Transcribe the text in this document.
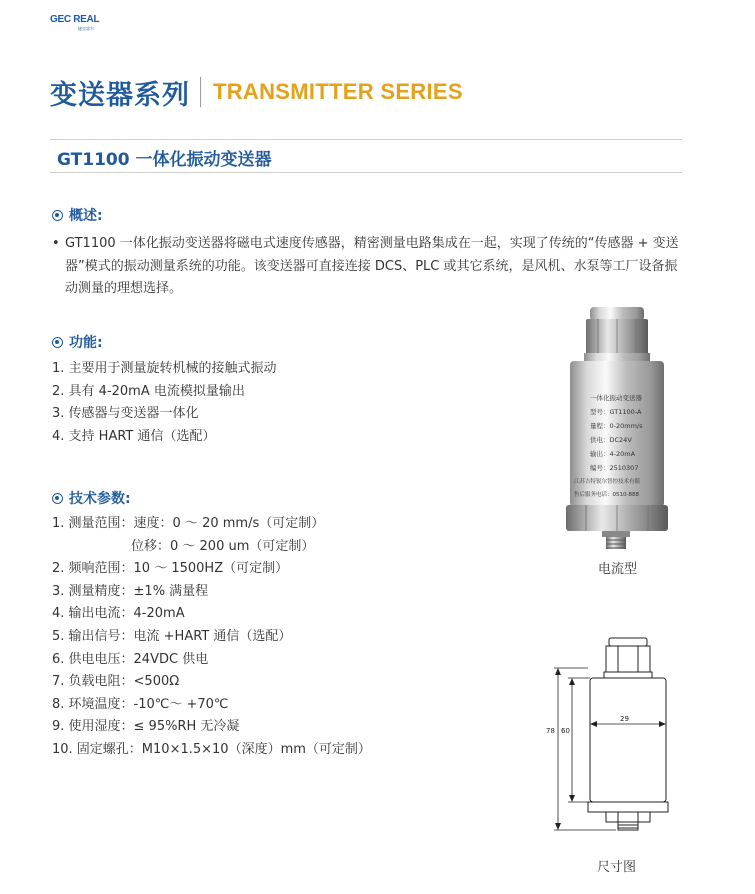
GEC REAL
捷克睿尔
变送器系列 TRANSMITTER SERIES
GT1100 一体化振动变送器
概述:
• GT1100 一体化振动变送器将磁电式速度传感器，精密测量电路集成在一起，实现了传统的“传感器 + 变送器”模式的振动测量系统的功能。该变送器可直接连接 DCS、PLC 或其它系统，是风机、水泵等工厂设备振动测量的理想选择。
功能:
1. 主要用于测量旋转机械的接触式振动
2. 具有 4-20mA 电流模拟量输出
3. 传感器与变送器一体化
4. 支持 HART 通信（选配）
技术参数:
1. 测量范围：速度：0 ～ 20 mm/s（可定制）
位移：0 ～ 200 um（可定制）
2. 频响范围：10 ～ 1500HZ（可定制）
3. 测量精度：±1% 满量程
4. 输出电流：4-20mA
5. 输出信号：电流 +HART 通信（选配）
6. 供电电压：24VDC 供电
7. 负载电阻：<500Ω
8. 环境温度：-10℃～ +70℃
9. 使用湿度：≤ 95%RH 无冷凝
10. 固定螺孔：M10×1.5×10（深度）mm（可定制）
一体化振动变送器
型号：GT1100-A
量程：0-20mm/s
供电：DC24V
输出：4-20mA
编号：2510307
江苏吉特锐尔智控技术有限
售后服务电话：0510-888
电流型
78 60
29
尺寸图
